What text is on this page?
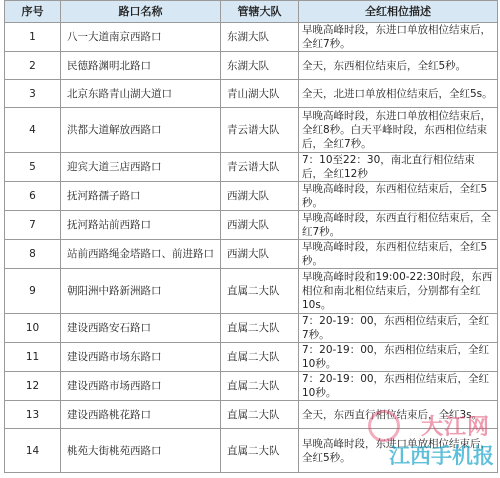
序号	路口名称	管辖大队	全红相位描述
1	八一大道南京西路口	东湖大队	早晚高峰时段，东进口单放相位结束后，全红7秒。
2	民德路渊明北路口	东湖大队	全天，东西相位结束后，全红5秒。
3	北京东路青山湖大道口	青山湖大队	全天，北进口单放相位结束后，全红5s。
4	洪都大道解放西路口	青云谱大队	早晚高峰时段，东进口单放相位结束后，全红8秒。白天平峰时段，东西相位结束后，全红7秒。
5	迎宾大道三店西路口	青云谱大队	7：10至22：30，南北直行相位结束后，全红12秒
6	抚河路孺子路口	西湖大队	早晚高峰时段，东西相位结束后，全红5秒。
7	抚河路站前西路口	西湖大队	早晚高峰时段，东西直行相位结束后，全红7秒。
8	站前西路绳金塔路口、前进路口	西湖大队	早晚高峰时段，东西相位结束后，全红5秒。
9	朝阳洲中路新洲路口	直属二大队	早晚高峰时段和19:00-22:30时段，东西相位和南北相位结束后，分别都有全红10s。
10	建设西路安石路口	直属二大队	7：20-19：00，东西相位结束后，全红7秒。
11	建设西路市场东路口	直属二大队	7：20-19：00，东西相位结束后，全红10秒。
12	建设西路市场西路口	直属二大队	7：20-19：00，东西相位结束后，全红10秒。
13	建设西路桃花路口	直属二大队	全天，东西直行相位结束后，全红3s。
14	桃苑大街桃苑西路口	直属二大队	早晚高峰时段，东进口单放相位结束后，全红5秒。
大江网
江西手机报
